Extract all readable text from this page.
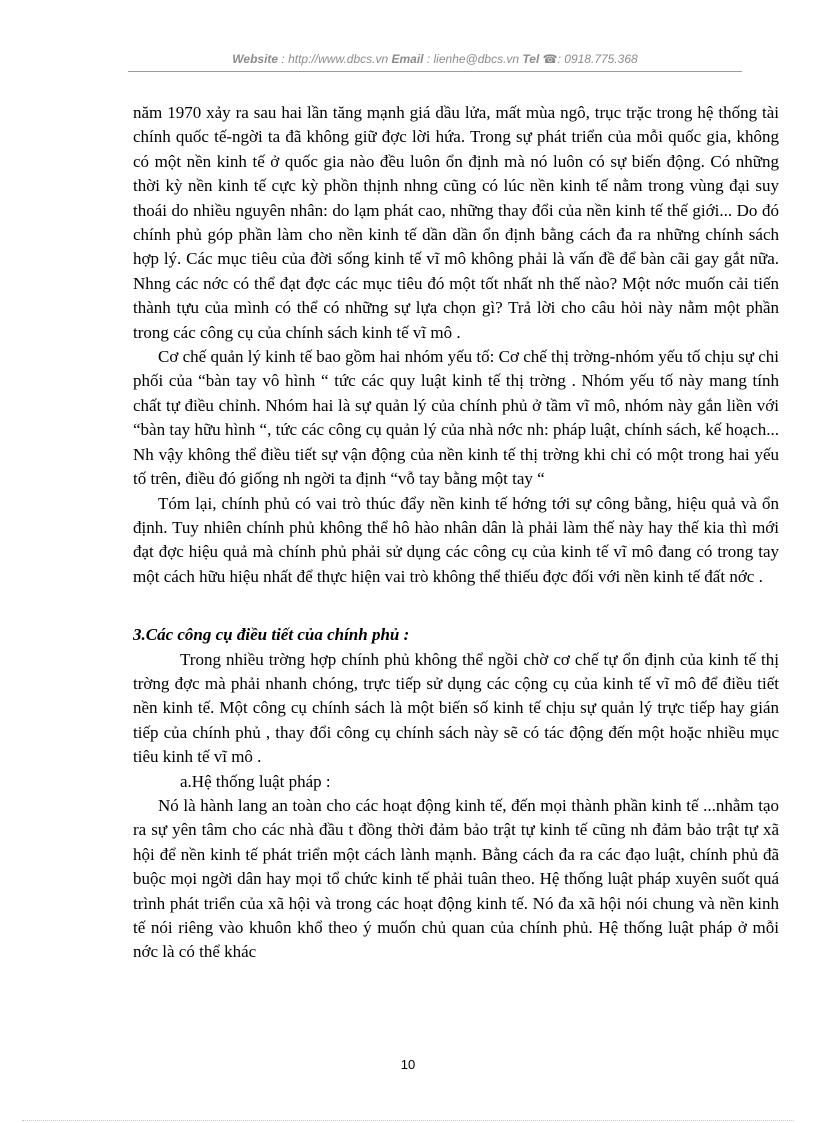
Website : http://www.dbcs.vn Email : lienhe@dbcs.vn Tel ☎: 0918.775.368

năm 1970 xảy ra sau hai lần tăng mạnh giá dầu lửa, mất mùa ngô, trục trặc trong hệ thống tài chính quốc tế-ngời ta đã không giữ đợc lời hứa. Trong sự phát triển của mỗi quốc gia, không có một nền kinh tế ở quốc gia nào đều luôn ổn định mà nó luôn có sự biến động. Có những thời kỳ nền kinh tế cực kỳ phồn thịnh nhng cũng có lúc nền kinh tế nằm trong vùng đại suy thoái do nhiều nguyên nhân: do lạm phát cao, những thay đổi của nền kinh tế thế giới... Do đó chính phủ góp phần làm cho nền kinh tế dần dần ổn định bằng cách đa ra những chính sách hợp lý. Các mục tiêu của đời sống kinh tế vĩ mô không phải là vấn đề để bàn cãi gay gắt nữa. Nhng các nớc có thể đạt đợc các mục tiêu đó một tốt nhất nh thế nào? Một nớc muốn cải tiến thành tựu của mình có thể có những sự lựa chọn gì? Trả lời cho câu hỏi này nằm một phần trong các công cụ của chính sách kinh tế vĩ mô .

Cơ chế quản lý kinh tế bao gồm hai nhóm yếu tố: Cơ chế thị trờng-nhóm yếu tố chịu sự chi phối của “bàn tay vô hình “ tức các quy luật kinh tế thị trờng . Nhóm yếu tố này mang tính chất tự điều chỉnh. Nhóm hai là sự quản lý của chính phủ ở tầm vĩ mô, nhóm này gắn liền với “bàn tay hữu hình “, tức các công cụ quản lý của nhà nớc nh: pháp luật, chính sách, kế hoạch... Nh vậy không thể điều tiết sự vận động của nền kinh tế thị trờng khi chỉ có một trong hai yếu tố trên, điều đó giống nh ngời ta định “vỗ tay bằng một tay “

Tóm lại, chính phủ có vai trò thúc đẩy nền kinh tế hớng tới sự công bằng, hiệu quả và ổn định. Tuy nhiên chính phủ không thể hô hào nhân dân là phải làm thế này hay thế kia thì mới đạt đợc hiệu quả mà chính phủ phải sử dụng các công cụ của kinh tế vĩ mô đang có trong tay một cách hữu hiệu nhất để thực hiện vai trò không thể thiếu đợc đối với nền kinh tế đất nớc .

3.Các công cụ điều tiết của chính phủ :

Trong nhiều trờng hợp chính phủ không thể ngồi chờ cơ chế tự ổn định của kinh tế thị trờng đợc mà phải nhanh chóng, trực tiếp sử dụng các cộng cụ của kinh tế vĩ mô để điều tiết nền kinh tế. Một công cụ chính sách là một biến số kinh tế chịu sự quản lý trực tiếp hay gián tiếp của chính phủ , thay đổi công cụ chính sách này sẽ có tác động đến một hoặc nhiều mục tiêu kinh tế vĩ mô .

a.Hệ thống luật pháp :

Nó là hành lang an toàn cho các hoạt động kinh tế, đến mọi thành phần kinh tế ...nhằm tạo ra sự yên tâm cho các nhà đầu t đồng thời đảm bảo trật tự kinh tế cũng nh đảm bảo trật tự xã hội để nền kinh tế phát triển một cách lành mạnh. Bằng cách đa ra các đạo luật, chính phủ đã buộc mọi ngời dân hay mọi tổ chức kinh tế phải tuân theo. Hệ thống luật pháp xuyên suốt quá trình phát triển của xã hội và trong các hoạt động kinh tế. Nó đa xã hội nói chung và nền kinh tế nói riêng vào khuôn khổ theo ý muốn chủ quan của chính phủ. Hệ thống luật pháp ở mỗi nớc là có thể khác

10
